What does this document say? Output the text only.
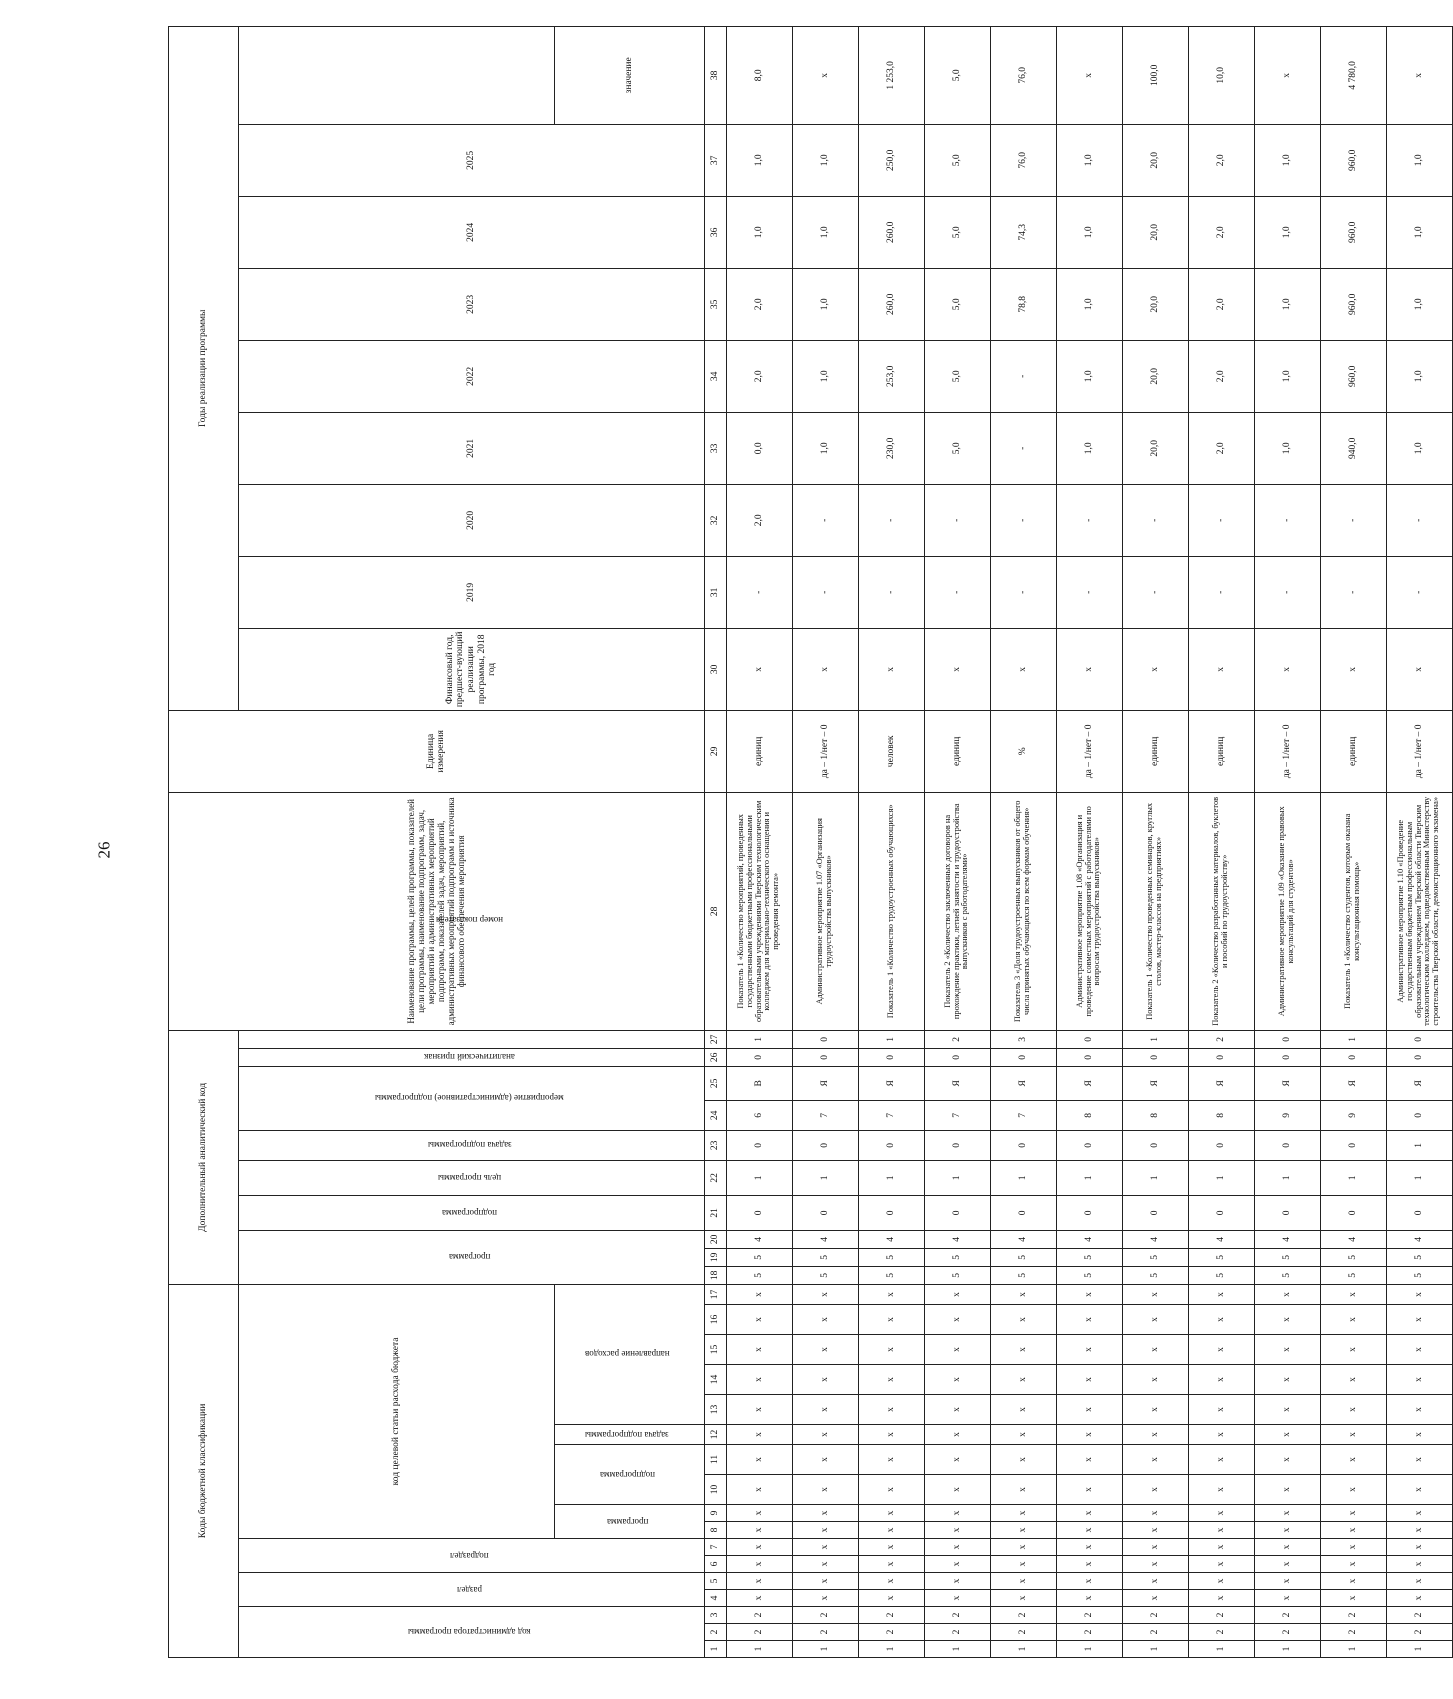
26
Коды бюджетной классификации																	Дополнительный аналитический код										Наименование программы, целей программы, показателей цели программы, наименование подпрограмм, задач, мероприятий и административных мероприятий подпрограмм, показателей задач, мероприятий, административных мероприятий подпрограмм и источника финансового обеспечения мероприятия	Единица измерения	Годы реализации программы	
код администратора программы			раздел		подраздел		код целевой статьи расхода бюджета										программа			подпрограмма	цель программы	задача подпрограммы	мероприятие (административное) подпрограммы		аналитический признак	номер показателя			Финансовый год, предшест-вующий реализации программы, 2018 год	2019	2020	2021	2022	2023	2024	2025		
							программа		подпрограмма		задача подпрограммы	направление расходов																									значение	
1	2	3	4	5	6	7	8	9	10	11	12	13	14	15	16	17	18	19	20	21	22	23	24	25	26	27	28	29	30	31	32	33	34	35	36	37	38	
1	2	2	х	х	х	х	х	х	х	х	х	х	х	х	х	х	5	5	4	0	1	0	6	В	0	1	Показатель 1 «Количество мероприятий, проведенных государственными бюджетными профессиональными образовательными учреждениями Тверским технологическим колледжем для материально-технического оснащения и проведения ремонта»	единиц	х	-	2,0	0,0	2,0	2,0	1,0	1,0	8,0	
1	2	2	х	х	х	х	х	х	х	х	х	х	х	х	х	х	5	5	4	0	1	0	7	Я	0	0	Административное мероприятие 1.07 «Организация трудоустройства выпускников»	да – 1/нет – 0	х	-	-	1,0	1,0	1,0	1,0	1,0	х	
1	2	2	х	х	х	х	х	х	х	х	х	х	х	х	х	х	5	5	4	0	1	0	7	Я	0	1	Показатель 1 «Количество трудоустроенных обучающихся»	человек	х	-	-	230,0	253,0	260,0	260,0	250,0	1 253,0	
1	2	2	х	х	х	х	х	х	х	х	х	х	х	х	х	х	5	5	4	0	1	0	7	Я	0	2	Показатель 2 «Количество заключенных договоров на прохождение практики, летней занятости и трудоустройства выпускников с работодателями»	единиц	х	-	-	5,0	5,0	5,0	5,0	5,0	5,0	
1	2	2	х	х	х	х	х	х	х	х	х	х	х	х	х	х	5	5	4	0	1	0	7	Я	0	3	Показатель 3 «Доля трудоустроенных выпускников от общего числа принятых обучающихся по всем формам обучения»	%	х	-	-	-	-	78,8	74,3	76,0	76,0	
1	2	2	х	х	х	х	х	х	х	х	х	х	х	х	х	х	5	5	4	0	1	0	8	Я	0	0	Административное мероприятие 1.08 «Организация и проведение совместных мероприятий с работодателями по вопросам трудоустройства выпускников»	да – 1/нет – 0	х	-	-	1,0	1,0	1,0	1,0	1,0	х	
1	2	2	х	х	х	х	х	х	х	х	х	х	х	х	х	х	5	5	4	0	1	0	8	Я	0	1	Показатель 1 «Количество проведенных семинаров, круглых столов, мастер-классов на предприятиях»	единиц	х	-	-	20,0	20,0	20,0	20,0	20,0	100,0	
1	2	2	х	х	х	х	х	х	х	х	х	х	х	х	х	х	5	5	4	0	1	0	8	Я	0	2	Показатель 2 «Количество разработанных материалов, буклетов и пособий по трудоустройству»	единиц	х	-	-	2,0	2,0	2,0	2,0	2,0	10,0	
1	2	2	х	х	х	х	х	х	х	х	х	х	х	х	х	х	5	5	4	0	1	0	9	Я	0	0	Административное мероприятие 1.09 «Оказание правовых консультаций для студентов»	да – 1/нет – 0	х	-	-	1,0	1,0	1,0	1,0	1,0	х	
1	2	2	х	х	х	х	х	х	х	х	х	х	х	х	х	х	5	5	4	0	1	0	9	Я	0	1	Показатель 1 «Количество студентов, которым оказана консультационная помощь»	единиц	х	-	-	940,0	960,0	960,0	960,0	960,0	4 780,0	
1	2	2	х	х	х	х	х	х	х	х	х	х	х	х	х	х	5	5	4	0	1	1	0	Я	0	0	Административное мероприятие 1.10 «Проведение государственным бюджетным профессиональным образовательным учреждением Тверской области Тверским технологическим колледжем, подведомственным Министерству строительства Тверской области, демонстрационного экзамена»	да – 1/нет – 0	х	-	-	1,0	1,0	1,0	1,0	1,0	х	
